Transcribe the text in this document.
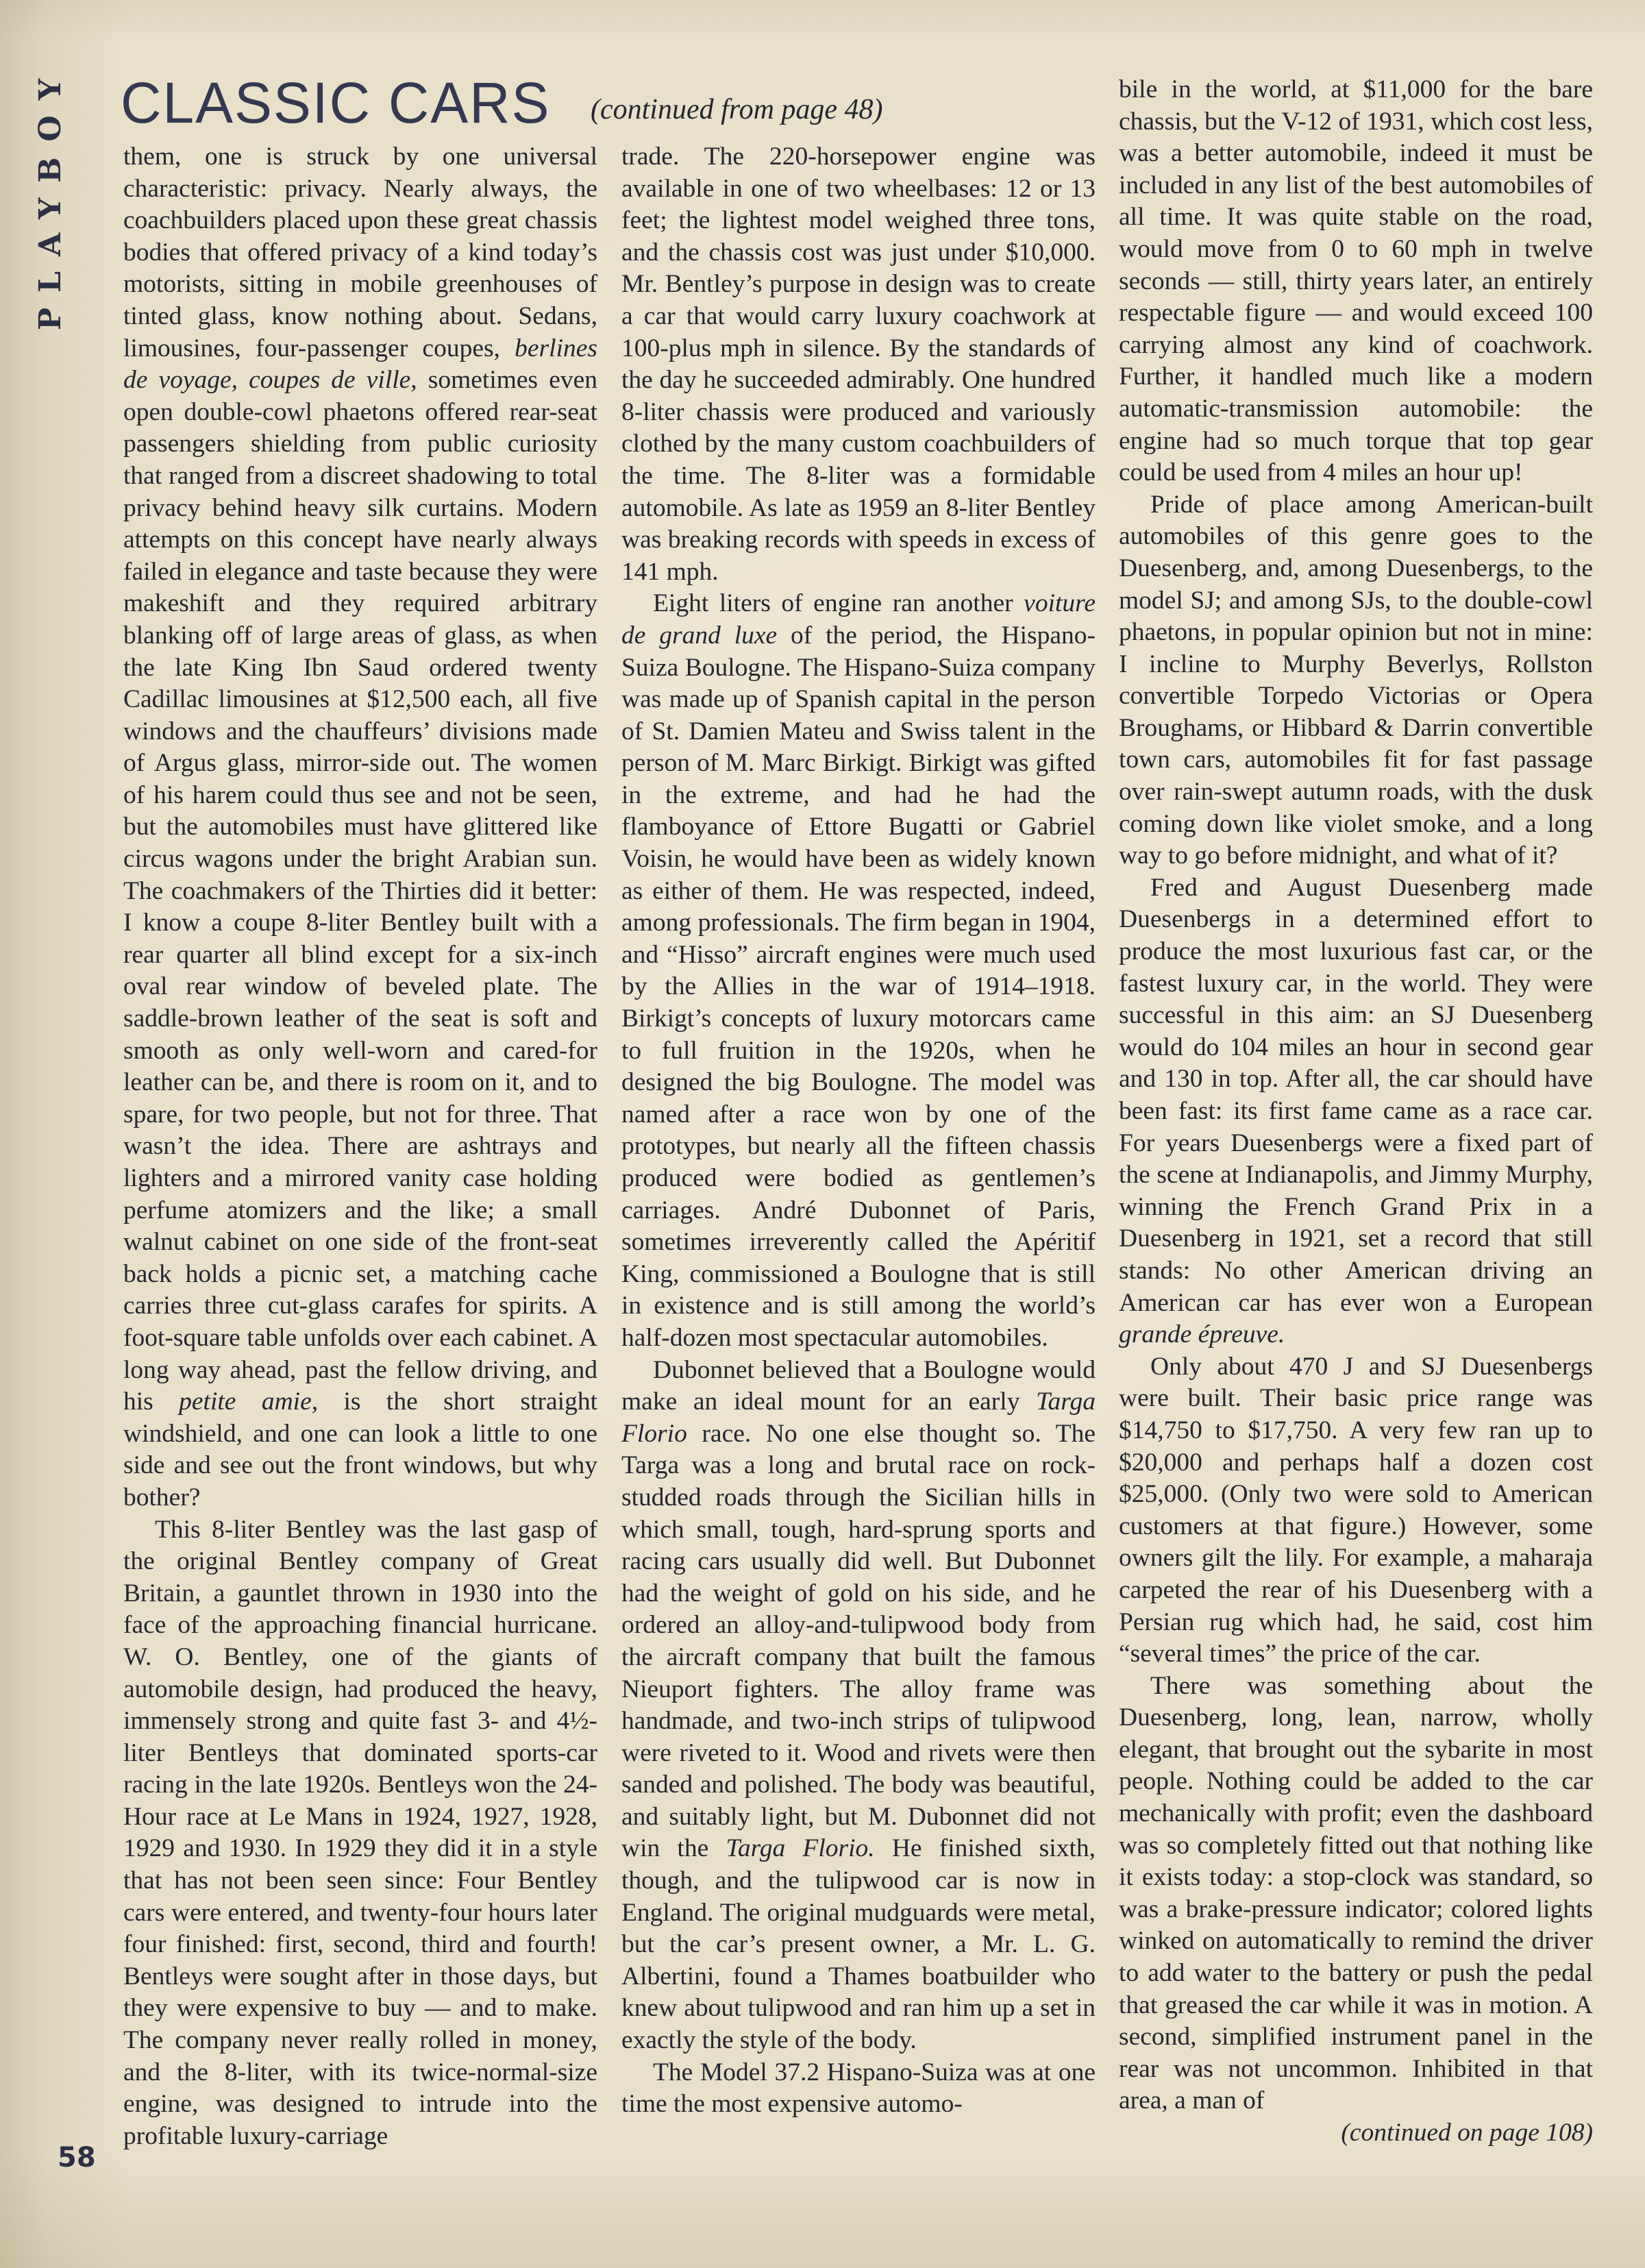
PLAYBOY CLASSIC CARS (continued from page 48)

them, one is struck by one universal characteristic: privacy. Nearly always, the coachbuilders placed upon these great chassis bodies that offered privacy of a kind today’s motorists, sitting in mobile greenhouses of tinted glass, know nothing about. Sedans, limousines, four-passenger coupes, berlines de voyage, coupes de ville, sometimes even open double-cowl phaetons offered rear-seat passengers shielding from public curiosity that ranged from a discreet shadowing to total privacy behind heavy silk curtains. Modern attempts on this concept have nearly always failed in elegance and taste because they were makeshift and they required arbitrary blanking off of large areas of glass, as when the late King Ibn Saud ordered twenty Cadillac limousines at $12,500 each, all five windows and the chauffeurs’ divisions made of Argus glass, mirror-side out. The women of his harem could thus see and not be seen, but the automobiles must have glittered like circus wagons under the bright Arabian sun. The coachmakers of the Thirties did it better: I know a coupe 8-liter Bentley built with a rear quarter all blind except for a six-inch oval rear window of beveled plate. The saddle-brown leather of the seat is soft and smooth as only well-worn and cared-for leather can be, and there is room on it, and to spare, for two people, but not for three. That wasn’t the idea. There are ashtrays and lighters and a mirrored vanity case holding perfume atomizers and the like; a small walnut cabinet on one side of the front-seat back holds a picnic set, a matching cache carries three cut-glass carafes for spirits. A foot-square table unfolds over each cabinet. A long way ahead, past the fellow driving, and his petite amie, is the short straight windshield, and one can look a little to one side and see out the front windows, but why bother?

This 8-liter Bentley was the last gasp of the original Bentley company of Great Britain, a gauntlet thrown in 1930 into the face of the approaching financial hurricane. W. O. Bentley, one of the giants of automobile design, had produced the heavy, immensely strong and quite fast 3- and 4½-liter Bentleys that dominated sports-car racing in the late 1920s. Bentleys won the 24-Hour race at Le Mans in 1924, 1927, 1928, 1929 and 1930. In 1929 they did it in a style that has not been seen since: Four Bentley cars were entered, and twenty-four hours later four finished: first, second, third and fourth! Bentleys were sought after in those days, but they were expensive to buy — and to make. The company never really rolled in money, and the 8-liter, with its twice-normal-size engine, was designed to intrude into the profitable luxury-carriage

trade. The 220-horsepower engine was available in one of two wheelbases: 12 or 13 feet; the lightest model weighed three tons, and the chassis cost was just under $10,000. Mr. Bentley’s purpose in design was to create a car that would carry luxury coachwork at 100-plus mph in silence. By the standards of the day he succeeded admirably. One hundred 8-liter chassis were produced and variously clothed by the many custom coachbuilders of the time. The 8-liter was a formidable automobile. As late as 1959 an 8-liter Bentley was breaking records with speeds in excess of 141 mph.

Eight liters of engine ran another voiture de grand luxe of the period, the Hispano-Suiza Boulogne. The Hispano-Suiza company was made up of Spanish capital in the person of St. Damien Mateu and Swiss talent in the person of M. Marc Birkigt. Birkigt was gifted in the extreme, and had he had the flamboyance of Ettore Bugatti or Gabriel Voisin, he would have been as widely known as either of them. He was respected, indeed, among professionals. The firm began in 1904, and “Hisso” aircraft engines were much used by the Allies in the war of 1914–1918. Birkigt’s concepts of luxury motorcars came to full fruition in the 1920s, when he designed the big Boulogne. The model was named after a race won by one of the prototypes, but nearly all the fifteen chassis produced were bodied as gentlemen’s carriages. André Dubonnet of Paris, sometimes irreverently called the Apéritif King, commissioned a Boulogne that is still in existence and is still among the world’s half-dozen most spectacular automobiles.

Dubonnet believed that a Boulogne would make an ideal mount for an early Targa Florio race. No one else thought so. The Targa was a long and brutal race on rock-studded roads through the Sicilian hills in which small, tough, hard-sprung sports and racing cars usually did well. But Dubonnet had the weight of gold on his side, and he ordered an alloy-and-tulipwood body from the aircraft company that built the famous Nieuport fighters. The alloy frame was handmade, and two-inch strips of tulipwood were riveted to it. Wood and rivets were then sanded and polished. The body was beautiful, and suitably light, but M. Dubonnet did not win the Targa Florio. He finished sixth, though, and the tulipwood car is now in England. The original mudguards were metal, but the car’s present owner, a Mr. L. G. Albertini, found a Thames boatbuilder who knew about tulipwood and ran him up a set in exactly the style of the body.

The Model 37.2 Hispano-Suiza was at one time the most expensive automo-

bile in the world, at $11,000 for the bare chassis, but the V-12 of 1931, which cost less, was a better automobile, indeed it must be included in any list of the best automobiles of all time. It was quite stable on the road, would move from 0 to 60 mph in twelve seconds — still, thirty years later, an entirely respectable figure — and would exceed 100 carrying almost any kind of coachwork. Further, it handled much like a modern automatic-transmission automobile: the engine had so much torque that top gear could be used from 4 miles an hour up!

Pride of place among American-built automobiles of this genre goes to the Duesenberg, and, among Duesenbergs, to the model SJ; and among SJs, to the double-cowl phaetons, in popular opinion but not in mine: I incline to Murphy Beverlys, Rollston convertible Torpedo Victorias or Opera Broughams, or Hibbard & Darrin convertible town cars, automobiles fit for fast passage over rain-swept autumn roads, with the dusk coming down like violet smoke, and a long way to go before midnight, and what of it?

Fred and August Duesenberg made Duesenbergs in a determined effort to produce the most luxurious fast car, or the fastest luxury car, in the world. They were successful in this aim: an SJ Duesenberg would do 104 miles an hour in second gear and 130 in top. After all, the car should have been fast: its first fame came as a race car. For years Duesenbergs were a fixed part of the scene at Indianapolis, and Jimmy Murphy, winning the French Grand Prix in a Duesenberg in 1921, set a record that still stands: No other American driving an American car has ever won a European grande épreuve.

Only about 470 J and SJ Duesenbergs were built. Their basic price range was $14,750 to $17,750. A very few ran up to $20,000 and perhaps half a dozen cost $25,000. (Only two were sold to American customers at that figure.) However, some owners gilt the lily. For example, a maharaja carpeted the rear of his Duesenberg with a Persian rug which had, he said, cost him “several times” the price of the car.

There was something about the Duesenberg, long, lean, narrow, wholly elegant, that brought out the sybarite in most people. Nothing could be added to the car mechanically with profit; even the dashboard was so completely fitted out that nothing like it exists today: a stop-clock was standard, so was a brake-pressure indicator; colored lights winked on automatically to remind the driver to add water to the battery or push the pedal that greased the car while it was in motion. A second, simplified instrument panel in the rear was not uncommon. Inhibited in that area, a man of

(continued on page 108)

58
